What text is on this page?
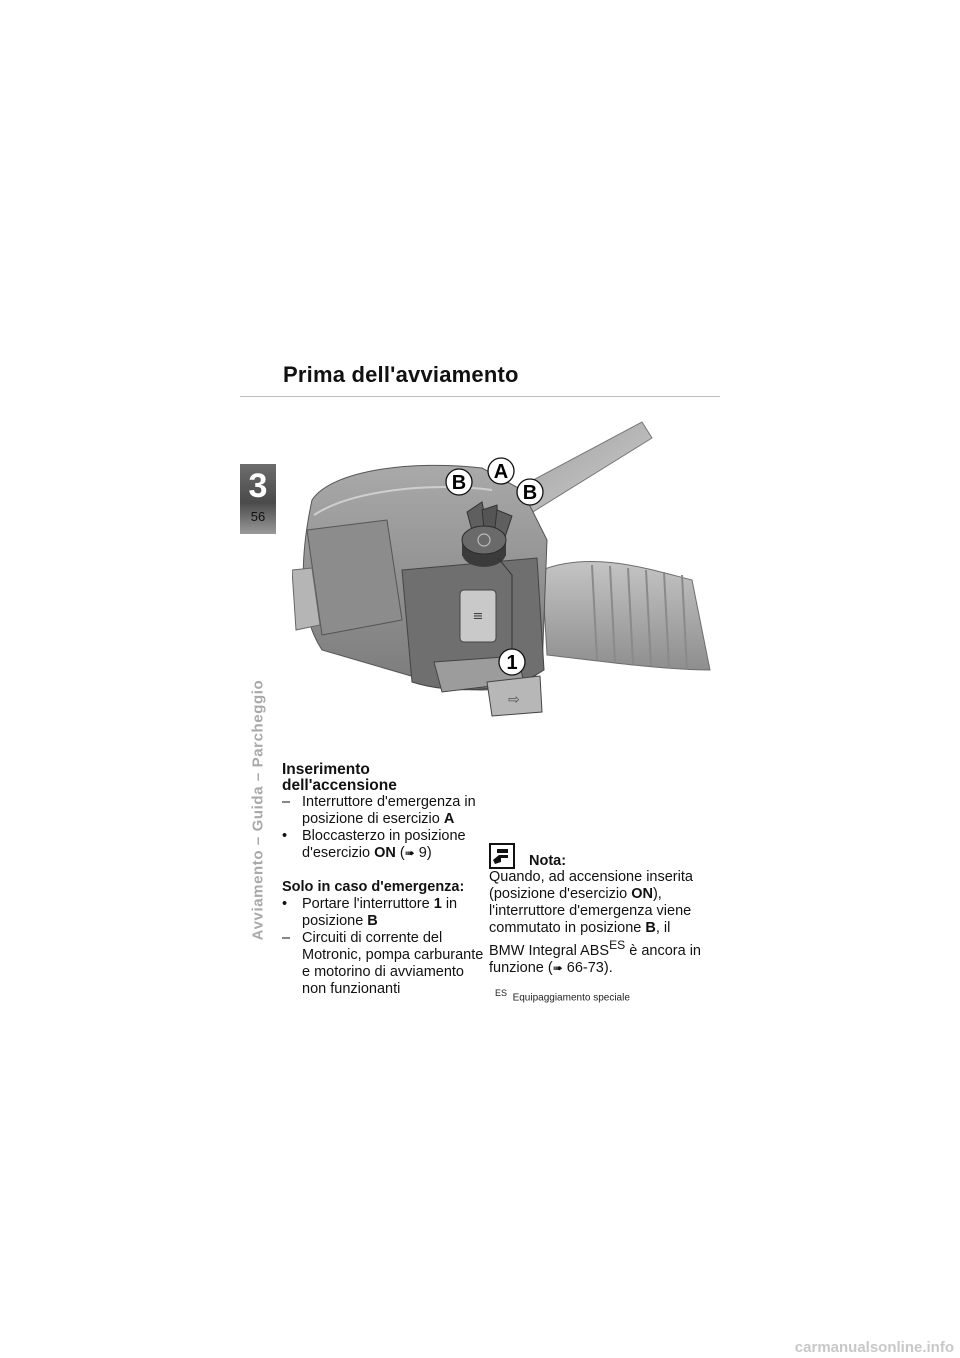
Prima dell'avviamento
3
56
Avviamento – Guida – Parcheggio
≡
⇨
B A
B
1
Inserimento
dell'accensione
– Interruttore d'emergenza in posizione di esercizio A
•	Bloccasterzo in posizione d'esercizio ON (➠ 9)
Solo in caso d'emergenza:
•	Portare l'interruttore 1 in posizione B
– Circuiti di corrente del Motronic, pompa carburante e motorino di avviamento non funzionanti
Nota:
Quando, ad accensione inserita (posizione d'esercizio ON), l'interruttore d'emergenza viene commutato in posizione B, il BMW Integral $ABS^{ES}$ è ancora in funzione (➠ 66-73).
$^{ES}$ Equipaggiamento speciale
carmanualsonline.info
